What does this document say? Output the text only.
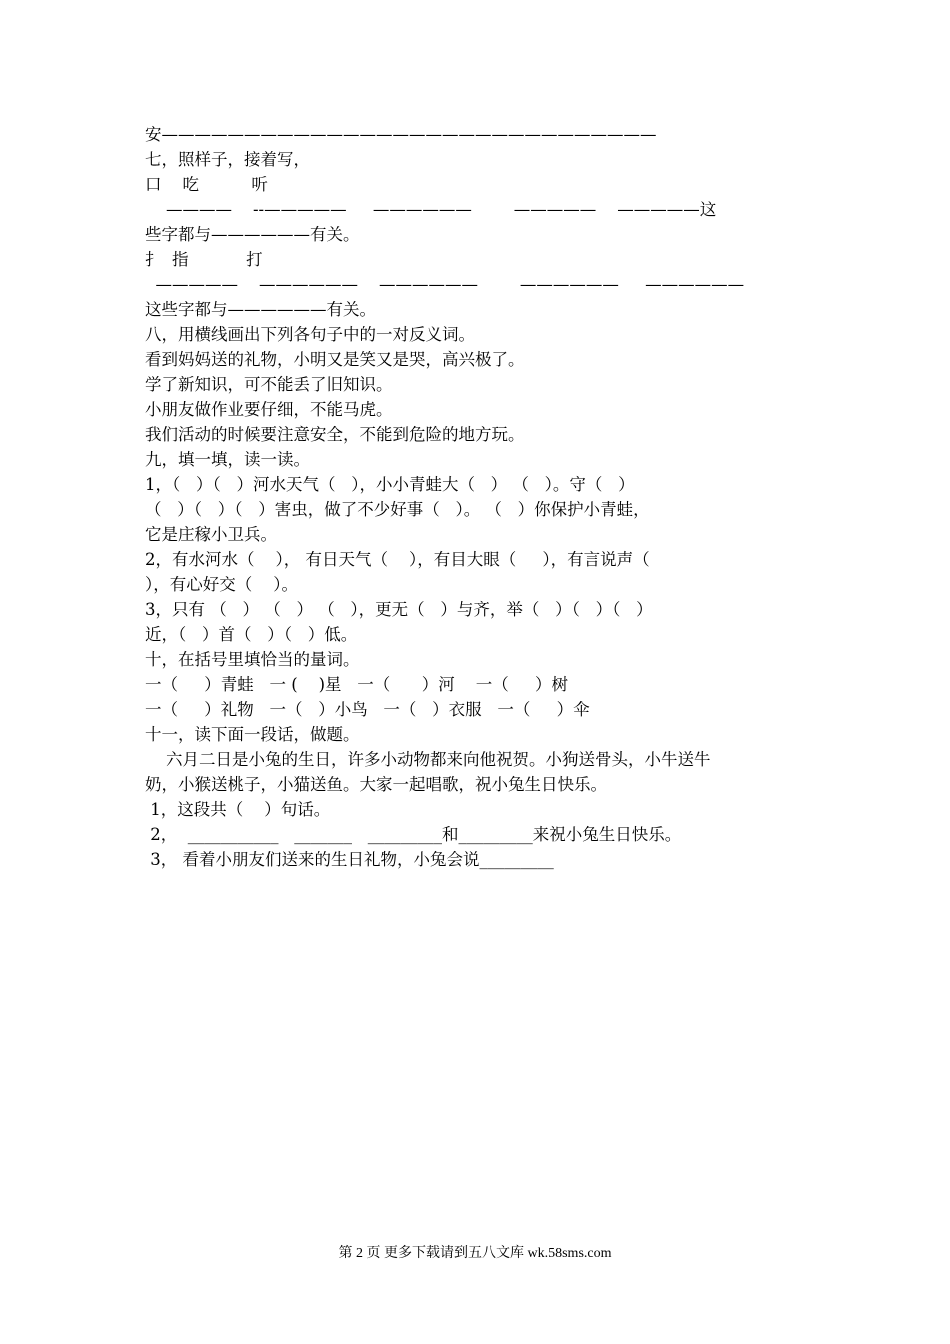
安——————————————————————————————
七，照样子，接着写，
口    吃          听
————    --—————     ——————        —————    —————这
些字都与——————有关。
扌  指           打
—————    ——————    ——————        ——————     ——————
这些字都与——————有关。
八，用横线画出下列各句子中的一对反义词。
看到妈妈送的礼物，小明又是笑又是哭，高兴极了。
学了新知识，可不能丢了旧知识。
小朋友做作业要仔细，不能马虎。
我们活动的时候要注意安全，不能到危险的地方玩。
九，填一填，读一读。
1，（   ）（   ）河水天气（   ），小小青蛙大（   ） （   ）。守（   ）
（   ）（   ）（   ）害虫，做了不少好事（   ）。 （   ）你保护小青蛙，
它是庄稼小卫兵。
2，有水河水（    ）， 有日天气（    ），有目大眼（     ），有言说声（
），有心好交（    ）。
3，只有 （   ） （   ） （   ），更无（   ）与齐，举（   ）（   ）（   ）
近，（   ）首（   ）（   ）低。
十，在括号里填恰当的量词。
一（     ）青蛙   一 (    )星   一（      ）河    一（     ）树
一（     ）礼物   一（   ）小鸟   一（   ）衣服   一（     ）伞
十一，读下面一段话，做题。
六月二日是小兔的生日，许多小动物都来向他祝贺。小狗送骨头，小牛送牛
奶，小猴送桃子，小猫送鱼。大家一起唱歌，祝小兔生日快乐。
1，这段共（    ）句话。
2，  ___________   _______   _________和_________来祝小兔生日快乐。
3， 看着小朋友们送来的生日礼物，小兔会说_________
第 2 页 更多下载请到五八文库 wk.58sms.com
